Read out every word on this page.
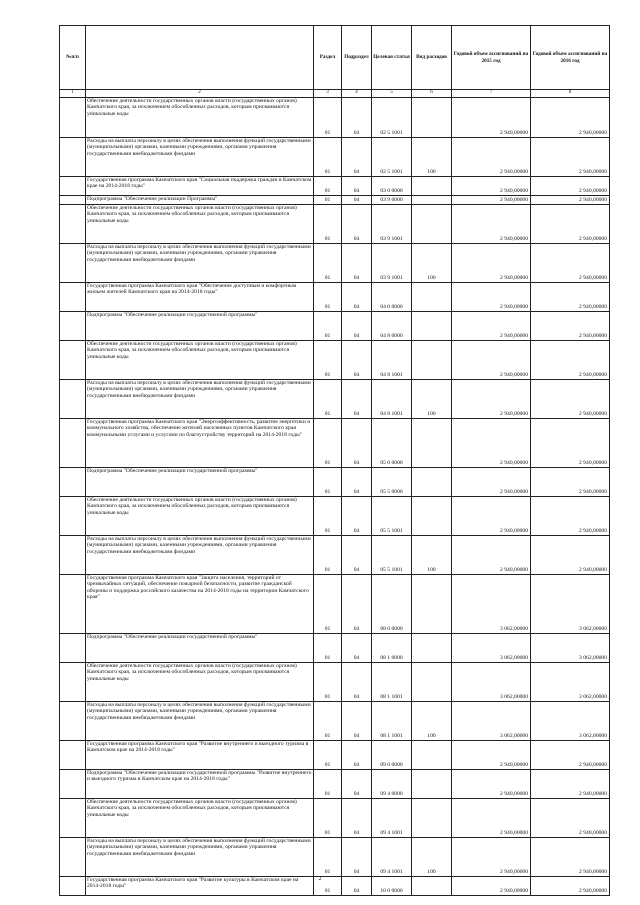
№п/п		Раздел	Подраздел	Целевая статья	Вид расходов	Годовой объем ассигнований на 2015 год	Годовой объем ассигнований на 2016 год
1	2	3	4	5	6	7	8
	Обеспечение деятельности государственных органов власти (государственных органов) Камчатского края, за исключением обособленных расходов, которым присваиваются уникальные коды	01	04	02 5 1001		2 940,00000	2 940,00000
	Расходы на выплаты персоналу в целях обеспечения выполнения функций государственными (муниципальными) органами, казенными учреждениями, органами управления государственными внебюджетными фондами	01	04	02 5 1001	100	2 940,00000	2 940,00000
	Государственная программа Камчатского края "Социальная поддержка граждан в Камчатском крае на 2014-2018 годы"	01	04	03 0 0000		2 940,00000	2 940,00000
	Подпрограмма "Обеспечение реализации Программы"	01	04	03 9 0000		2 940,00000	2 940,00000
	Обеспечение деятельности государственных органов власти (государственных органов) Камчатского края, за исключением обособленных расходов, которым присваиваются уникальные коды	01	04	03 9 1001		2 940,00000	2 940,00000
	Расходы на выплаты персоналу в целях обеспечения выполнения функций государственными (муниципальными) органами, казенными учреждениями, органами управления государственными внебюджетными фондами	01	04	03 9 1001	100	2 940,00000	2 940,00000
	Государственная программа Камчатского края "Обеспечение доступным и комфортным жильем жителей Камчатского края на 2014-2018 годы"	01	04	04 0 0000		2 940,00000	2 940,00000
	Подпрограмма "Обеспечение реализации государственной программы"	01	04	04 8 0000		2 940,00000	2 940,00000
	Обеспечение деятельности государственных органов власти (государственных органов) Камчатского края, за исключением обособленных расходов, которым присваиваются уникальные коды	01	04	04 8 1001		2 940,00000	2 940,00000
	Расходы на выплаты персоналу в целях обеспечения выполнения функций государственными (муниципальными) органами, казенными учреждениями, органами управления государственными внебюджетными фондами	01	04	04 8 1001	100	2 940,00000	2 940,00000
	Государственная программа Камчатского края "Энергоэффективность, развитие энергетики и коммунального хозяйства, обеспечение жителей населенных пунктов Камчатского края коммунальными услугами и услугами по благоустройству территорий на 2014-2018 годы"	01	04	05 0 0000		2 940,00000	2 940,00000
	Подпрограмма "Обеспечение реализации государственной программы"	01	04	05 5 0000		2 940,00000	2 940,00000
	Обеспечение деятельности государственных органов власти (государственных органов) Камчатского края, за исключением обособленных расходов, которым присваиваются уникальные коды	01	04	05 5 1001		2 940,00000	2 940,00000
	Расходы на выплаты персоналу в целях обеспечения выполнения функций государственными (муниципальными) органами, казенными учреждениями, органами управления государственными внебюджетными фондами	01	04	05 5 1001	100	2 940,00000	2 940,00000
	Государственная программа Камчатского края "Защита населения, территорий от чрезвычайных ситуаций, обеспечение пожарной безопасности, развитие гражданской обороны и поддержка российского казачества на 2014-2018 годы на территории Камчатского края"	01	04	08 0 0000		3 062,00000	3 062,00000
	Подпрограмма "Обеспечение реализации государственной программы"	01	04	08 1 0000		3 062,00000	3 062,00000
	Обеспечение деятельности государственных органов власти (государственных органов) Камчатского края, за исключением обособленных расходов, которым присваиваются уникальные коды	01	04	08 1 1001		3 062,00000	3 062,00000
	Расходы на выплаты персоналу в целях обеспечения выполнения функций государственными (муниципальными) органами, казенными учреждениями, органами управления государственными внебюджетными фондами	01	04	08 1 1001	100	3 062,00000	3 062,00000
	Государственная программа Камчатского края "Развитие внутреннего и выездного туризма в Камчатском крае на 2014-2018 годы"	01	04	09 0 0000		2 940,00000	2 940,00000
	Подпрограмма "Обеспечение реализации государственной программы "Развитие внутреннего и выездного туризма в Камчатском крае на 2014-2018 годы"	01	04	09 4 0000		2 940,00000	2 940,00000
	Обеспечение деятельности государственных органов власти (государственных органов) Камчатского края, за исключением обособленных расходов, которым присваиваются уникальные коды	01	04	09 4 1001		2 940,00000	2 940,00000
	Расходы на выплаты персоналу в целях обеспечения выполнения функций государственными (муниципальными) органами, казенными учреждениями, органами управления государственными внебюджетными фондами	01	04	09 4 1001	100	2 940,00000	2 940,00000
	Государственная программа Камчатского края "Развитие культуры в Камчатском крае на 2014-2018 годы"	01	04	10 0 0000		2 940,00000	2 940,00000
2
